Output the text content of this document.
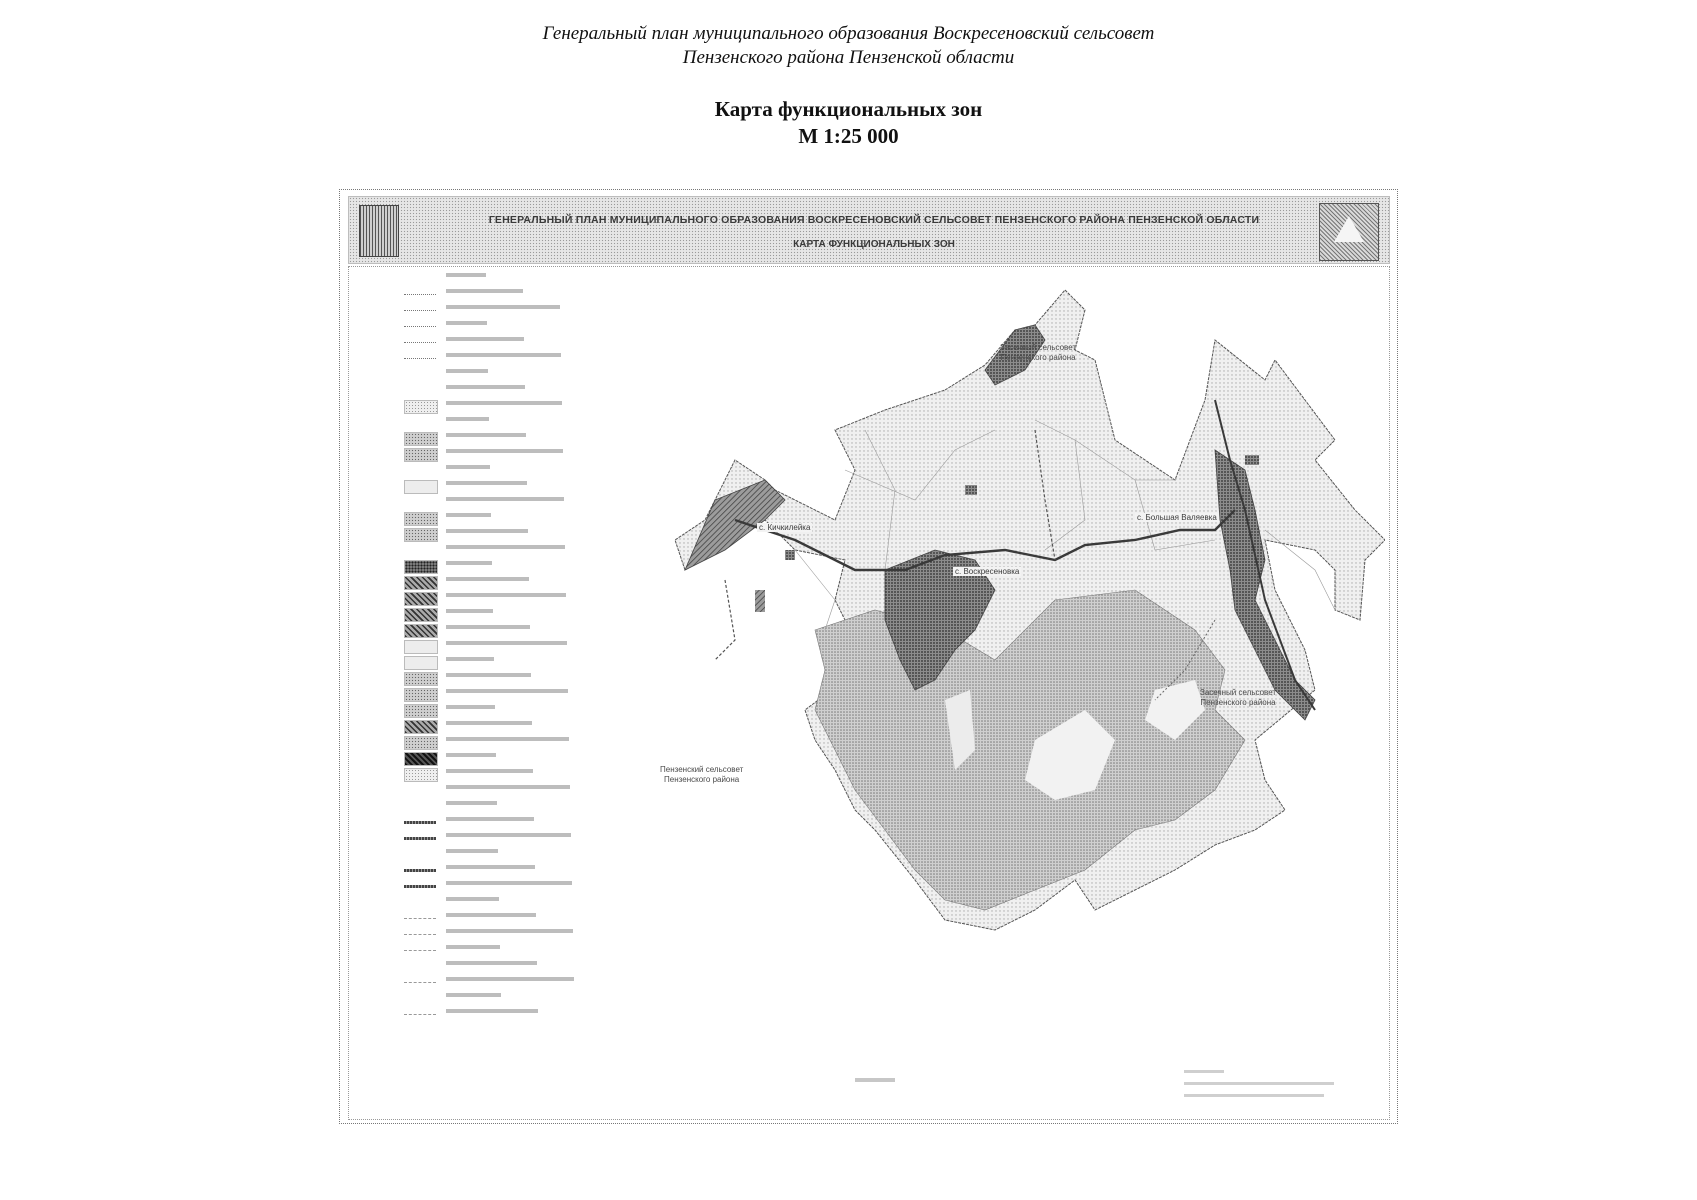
Генеральный план муниципального образования Воскресеновский сельсовет
Пензенского района Пензенской области
Карта функциональных зон
М 1:25 000
ГЕНЕРАЛЬНЫЙ ПЛАН МУНИЦИПАЛЬНОГО ОБРАЗОВАНИЯ ВОСКРЕСЕНОВСКИЙ СЕЛЬСОВЕТ ПЕНЗЕНСКОГО РАЙОНА ПЕНЗЕНСКОЙ ОБЛАСТИ
КАРТА ФУНКЦИОНАЛЬНЫХ ЗОН
Засечный сельсовет
Пензенского района
Засечный сельсовет
Пензенского района
Пензенский сельсовет
Пензенского района
с. Воскресеновка
с. Большая Валяевка
с. Кичкилейка
